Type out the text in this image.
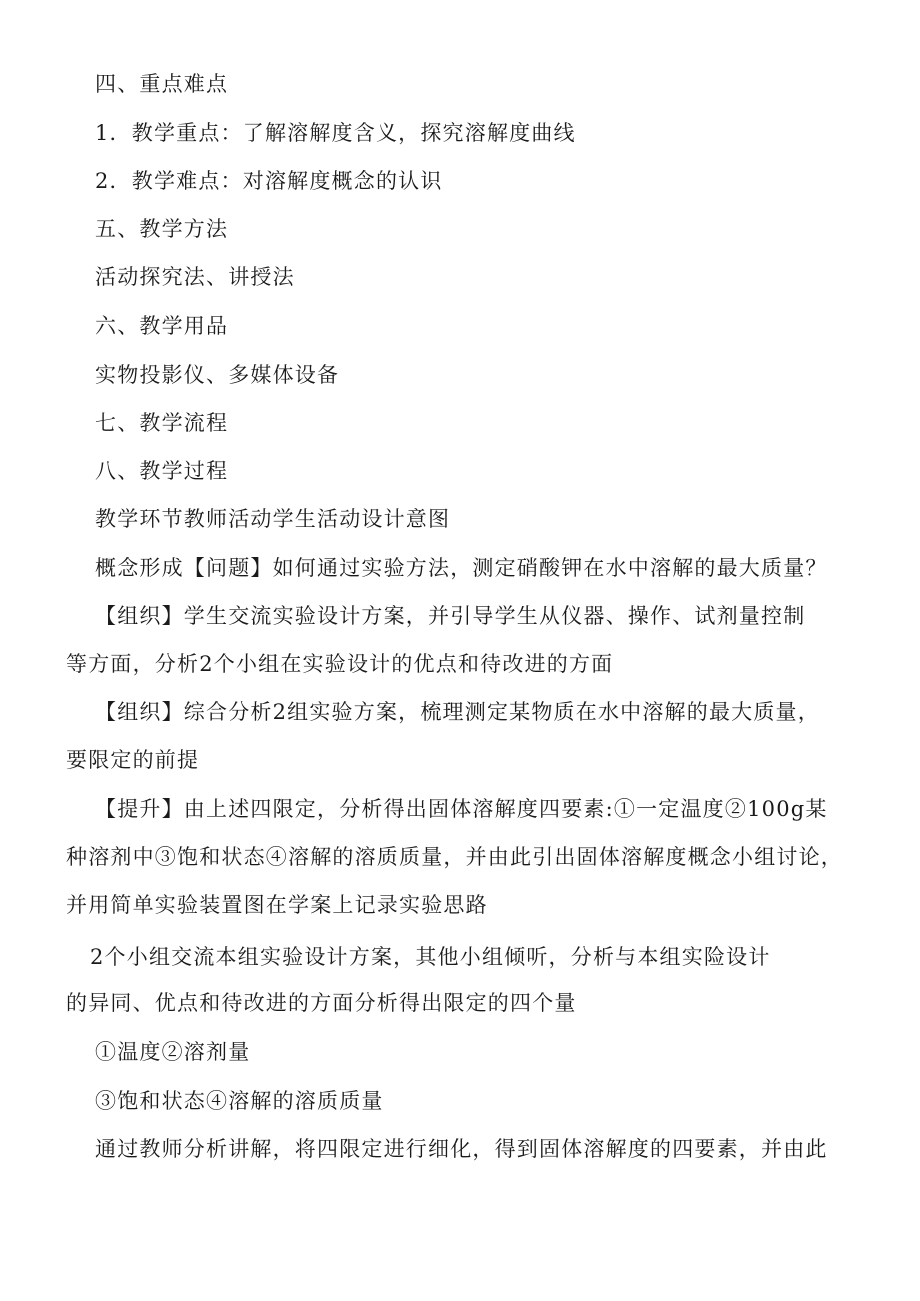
四、重点难点
1．教学重点：了解溶解度含义，探究溶解度曲线
2．教学难点：对溶解度概念的认识
五、教学方法
活动探究法、讲授法
六、教学用品
实物投影仪、多媒体设备
七、教学流程
八、教学过程
教学环节教师活动学生活动设计意图
概念形成【问题】如何通过实验方法，测定硝酸钾在水中溶解的最大质量？
【组织】学生交流实验设计方案，并引导学生从仪器、操作、试剂量控制
等方面，分析2个小组在实验设计的优点和待改进的方面
【组织】综合分析2组实验方案，梳理测定某物质在水中溶解的最大质量，
要限定的前提
【提升】由上述四限定，分析得出固体溶解度四要素:①一定温度②100g某
种溶剂中③饱和状态④溶解的溶质质量，并由此引出固体溶解度概念小组讨论，
并用简单实验装置图在学案上记录实验思路
2个小组交流本组实验设计方案，其他小组倾听，分析与本组实险设计
的异同、优点和待改进的方面分析得出限定的四个量
①温度②溶剂量
③饱和状态④溶解的溶质质量
通过教师分析讲解，将四限定进行细化，得到固体溶解度的四要素，并由此
